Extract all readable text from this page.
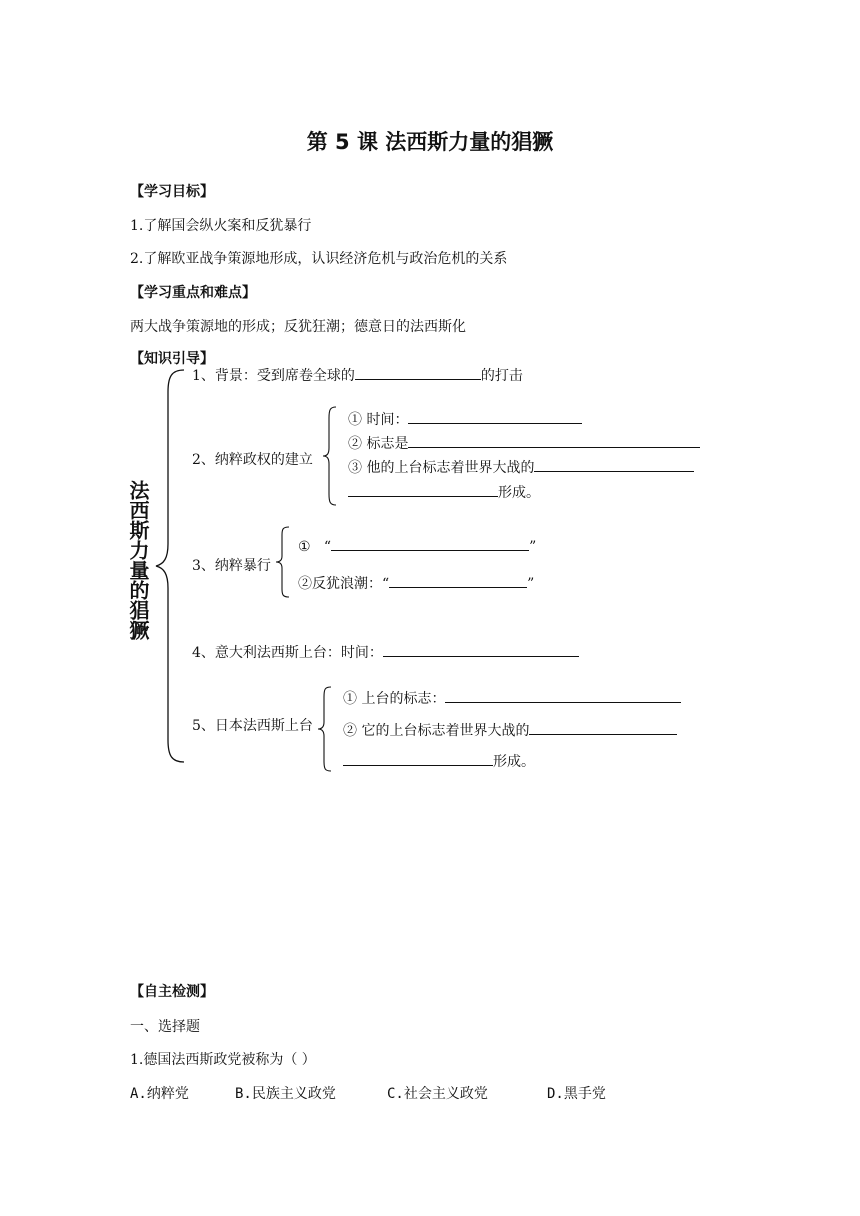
第 5 课 法西斯力量的猖獗
【学习目标】
1.了解国会纵火案和反犹暴行
2.了解欧亚战争策源地形成，认识经济危机与政治危机的关系
【学习重点和难点】
两大战争策源地的形成；反犹狂潮；德意日的法西斯化
【知识引导】
法西斯力量的猖獗
1、背景：受到席卷全球的	的打击
2、纳粹政权的建立
① 时间：
② 标志是
③ 他的上台标志着世界大战的
形成。
3、纳粹暴行
① “	”
②反犹浪潮：“	”
4、意大利法西斯上台：时间：
5、日本法西斯上台
① 上台的标志：
② 它的上台标志着世界大战的
形成。
【自主检测】
一、选择题
1.德国法西斯政党被称为（ ）
A.纳粹党	B.民族主义政党	C.社会主义政党	D.黑手党
